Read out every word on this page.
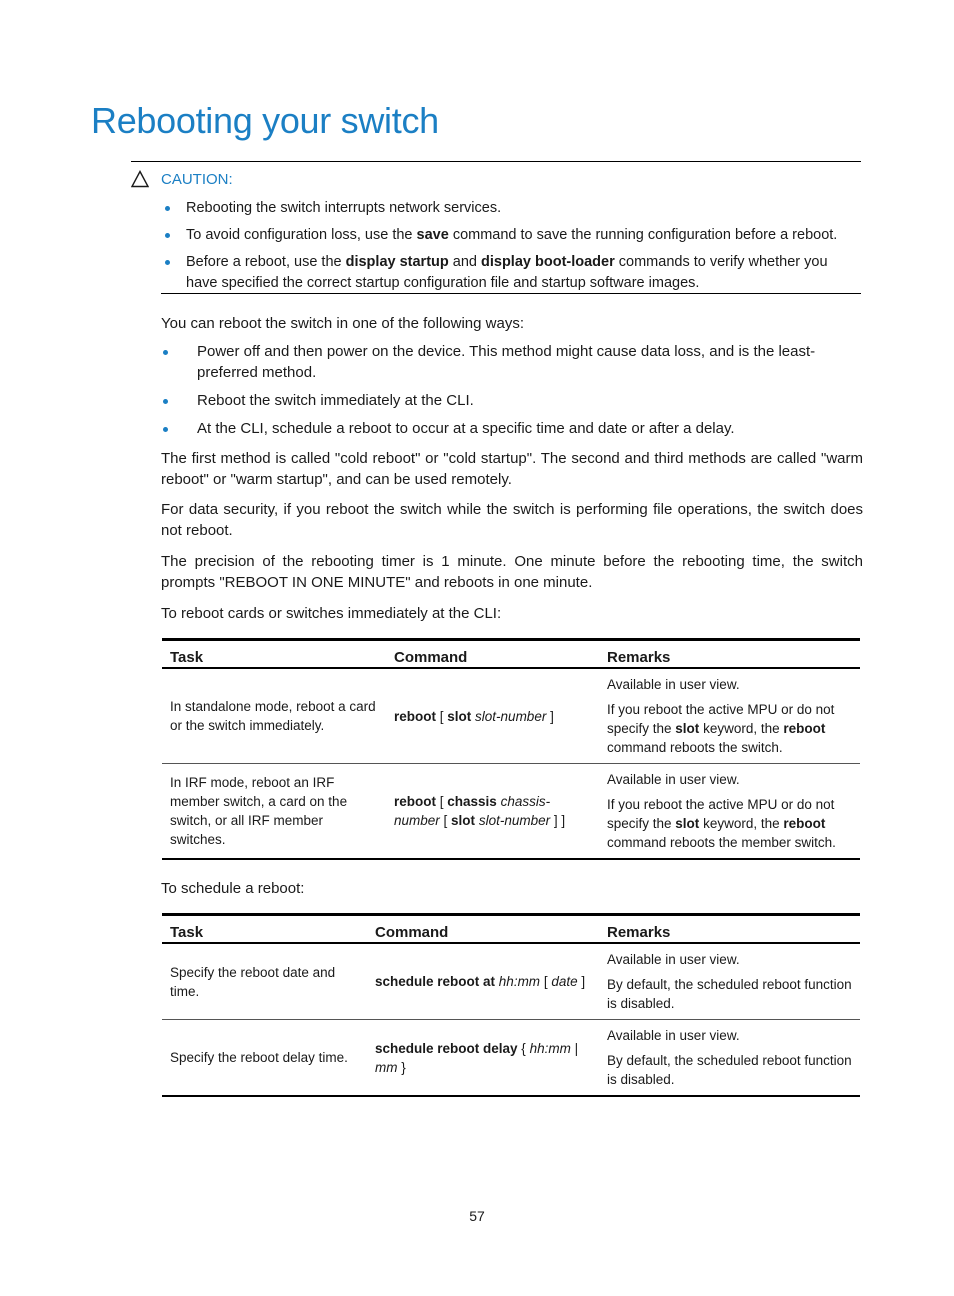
Rebooting your switch
CAUTION:
Rebooting the switch interrupts network services.
To avoid configuration loss, use the save command to save the running configuration before a reboot.
Before a reboot, use the display startup and display boot-loader commands to verify whether you have specified the correct startup configuration file and startup software images.

You can reboot the switch in one of the following ways:

Power off and then power on the device. This method might cause data loss, and is the least-preferred method.
Reboot the switch immediately at the CLI.
At the CLI, schedule a reboot to occur at a specific time and date or after a delay.

The first method is called "cold reboot" or "cold startup". The second and third methods are called "warm reboot" or "warm startup", and can be used remotely.

For data security, if you reboot the switch while the switch is performing file operations, the switch does not reboot.

The precision of the rebooting timer is 1 minute. One minute before the rebooting time, the switch prompts "REBOOT IN ONE MINUTE" and reboots in one minute.

To reboot cards or switches immediately at the CLI:

Task	Command	Remarks
In standalone mode, reboot a card or the switch immediately.	reboot [ slot slot-number ]	Available in user view.

If you reboot the active MPU or do not specify the slot keyword, the reboot command reboots the switch.

In IRF mode, reboot an IRF member switch, a card on the switch, or all IRF member switches.	reboot [ chassis chassis-number [ slot slot-number ] ]	Available in user view.

If you reboot the active MPU or do not specify the slot keyword, the reboot command reboots the member switch.

To schedule a reboot:

Task	Command	Remarks
Specify the reboot date and time.	schedule reboot at hh:mm [ date ]	Available in user view.

By default, the scheduled reboot function is disabled.

Specify the reboot delay time.	schedule reboot delay { hh:mm | mm }	Available in user view.

By default, the scheduled reboot function is disabled.

57
